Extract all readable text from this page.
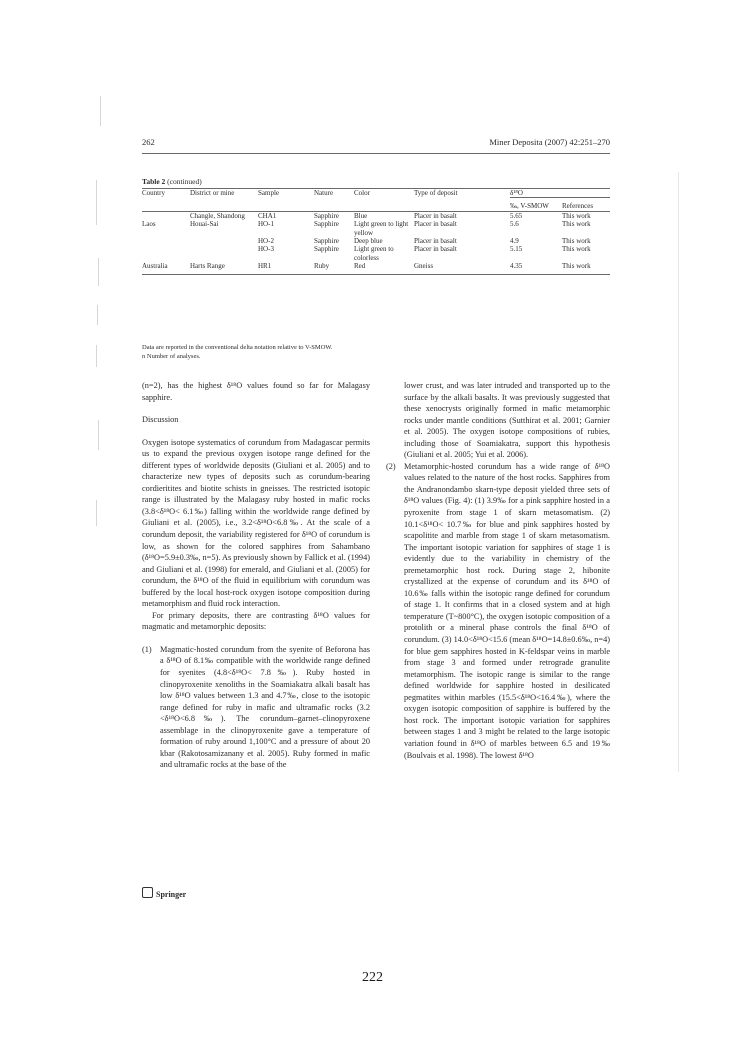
262	Miner Deposita (2007) 42:251–270
Table 2 (continued)
Country	District or mine	Sample	Nature	Color	Type of deposit	δ¹⁸O	
						‰, V-SMOW	References
	Changle, Shandong	CHA1	Sapphire	Blue	Placer in basalt	5.65	This work
Laos	Houai-Sai	HO-1	Sapphire	Light green to light yellow	Placer in basalt	5.6	This work
		HO-2	Sapphire	Deep blue	Placer in basalt	4.9	This work
		HO-3	Sapphire	Light green to colorless	Placer in basalt	5.15	This work
Australia	Harts Range	HR1	Ruby	Red	Gneiss	4.35	This work
Data are reported in the conventional delta notation relative to V-SMOW.
n Number of analyses.

(n=2), has the highest δ¹⁸O values found so far for Malagasy sapphire.

Discussion

Oxygen isotope systematics of corundum from Madagascar permits us to expand the previous oxygen isotope range defined for the different types of worldwide deposits (Giuliani et al. 2005) and to characterize new types of deposits such as corundum-bearing cordieritites and biotite schists in gneisses. The restricted isotopic range is illustrated by the Malagasy ruby hosted in mafic rocks (3.8<δ¹⁸O< 6.1‰) falling within the worldwide range defined by Giuliani et al. (2005), i.e., 3.2<δ¹⁸O<6.8‰. At the scale of a corundum deposit, the variability registered for δ¹⁸O of corundum is low, as shown for the colored sapphires from Sahambano (δ¹⁸O=5.9±0.3‰, n=5). As previously shown by Fallick et al. (1994) and Giuliani et al. (1998) for emerald, and Giuliani et al. (2005) for corundum, the δ¹⁸O of the fluid in equilibrium with corundum was buffered by the local host-rock oxygen isotope composition during metamorphism and fluid rock interaction.

For primary deposits, there are contrasting δ¹⁸O values for magmatic and metamorphic deposits:

(1) Magmatic-hosted corundum from the syenite of Beforona has a δ¹⁸O of 8.1‰ compatible with the worldwide range defined for syenites (4.8<δ¹⁸O< 7.8‰). Ruby hosted in clinopyroxenite xenoliths in the Soamiakatra alkali basalt has low δ¹⁸O values between 1.3 and 4.7‰, close to the isotopic range defined for ruby in mafic and ultramafic rocks (3.2 <δ¹⁸O<6.8‰). The corundum–garnet–clinopyroxene assemblage in the clinopyroxenite gave a temperature of formation of ruby around 1,100°C and a pressure of about 20 kbar (Rakotosamizanany et al. 2005). Ruby formed in mafic and ultramafic rocks at the base of the

lower crust, and was later intruded and transported up to the surface by the alkali basalts. It was previously suggested that these xenocrysts originally formed in mafic metamorphic rocks under mantle conditions (Sutthirat et al. 2001; Garnier et al. 2005). The oxygen isotope compositions of rubies, including those of Soamiakatra, support this hypothesis (Giuliani et al. 2005; Yui et al. 2006).

(2) Metamorphic-hosted corundum has a wide range of δ¹⁸O values related to the nature of the host rocks. Sapphires from the Andranondambo skarn-type deposit yielded three sets of δ¹⁸O values (Fig. 4): (1) 3.9‰ for a pink sapphire hosted in a pyroxenite from stage 1 of skarn metasomatism. (2) 10.1<δ¹⁸O< 10.7‰ for blue and pink sapphires hosted by scapolitite and marble from stage 1 of skarn metasomatism. The important isotopic variation for sapphires of stage 1 is evidently due to the variability in chemistry of the premetamorphic host rock. During stage 2, hibonite crystallized at the expense of corundum and its δ¹⁸O of 10.6‰ falls within the isotopic range defined for corundum of stage 1. It confirms that in a closed system and at high temperature (T~800°C), the oxygen isotopic composition of a protolith or a mineral phase controls the final δ¹⁸O of corundum. (3) 14.0<δ¹⁸O<15.6 (mean δ¹⁸O=14.8±0.6‰, n=4) for blue gem sapphires hosted in K-feldspar veins in marble from stage 3 and formed under retrograde granulite metamorphism. The isotopic range is similar to the range defined worldwide for sapphire hosted in desilicated pegmatites within marbles (15.5<δ¹⁸O<16.4‰), where the oxygen isotopic composition of sapphire is buffered by the host rock. The important isotopic variation for sapphires between stages 1 and 3 might be related to the large isotopic variation found in δ¹⁸O of marbles between 6.5 and 19‰ (Boulvais et al. 1998). The lowest δ¹⁸O

Springer
222
